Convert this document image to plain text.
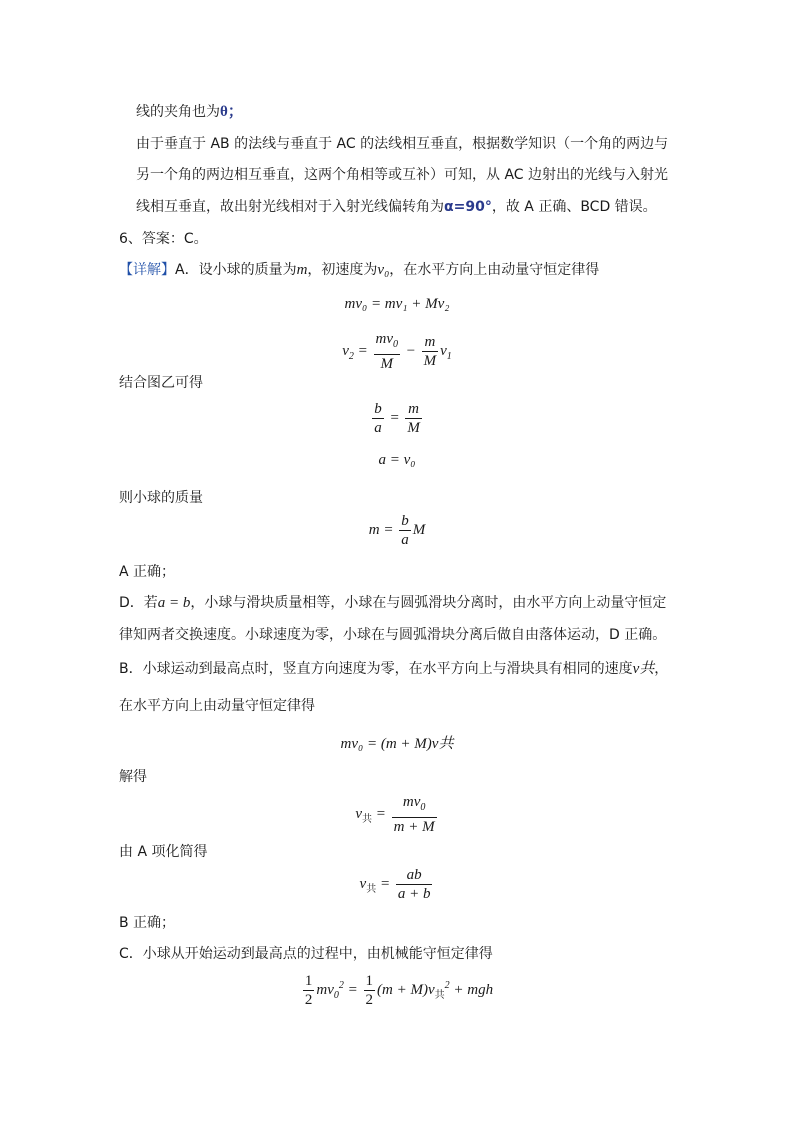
线的夹角也为θ；
由于垂直于 AB 的法线与垂直于 AC 的法线相互垂直，根据数学知识（一个角的两边与
另一个角的两边相互垂直，这两个角相等或互补）可知，从 AC 边射出的光线与入射光
线相互垂直，故出射光线相对于入射光线偏转角为α=90°，故 A 正确、BCD 错误。
6、答案：C。
【详解】A．设小球的质量为m，初速度为v₀，在水平方向上由动量守恒定律得
mv₀ = mv₁ + Mv₂
$v_2 = \frac{mv_0}{M} - \frac{m}{M} v_1$
结合图乙可得
$\frac{b}{a} = \frac{m}{M}$
a = v₀
则小球的质量
$m = \frac{b}{a}$ M
A 正确；
D．若a = b，小球与滑块质量相等，小球在与圆弧滑块分离时，由水平方向上动量守恒定
律知两者交换速度。小球速度为零，小球在与圆弧滑块分离后做自由落体运动，D 正确。
B．小球运动到最高点时，竖直方向速度为零，在水平方向上与滑块具有相同的速度v共，
在水平方向上由动量守恒定律得
mv₀ = (m + M)v共
解得
$v_共 = \frac{mv_0}{m + M}$
由 A 项化简得
$v_共 = \frac{ab}{a + b}$
B 正确；
C．小球从开始运动到最高点的过程中，由机械能守恒定律得
$\frac{1}{2} mv_0^2 = \frac{1}{2} (m + M)v_共^2$ + mgh
